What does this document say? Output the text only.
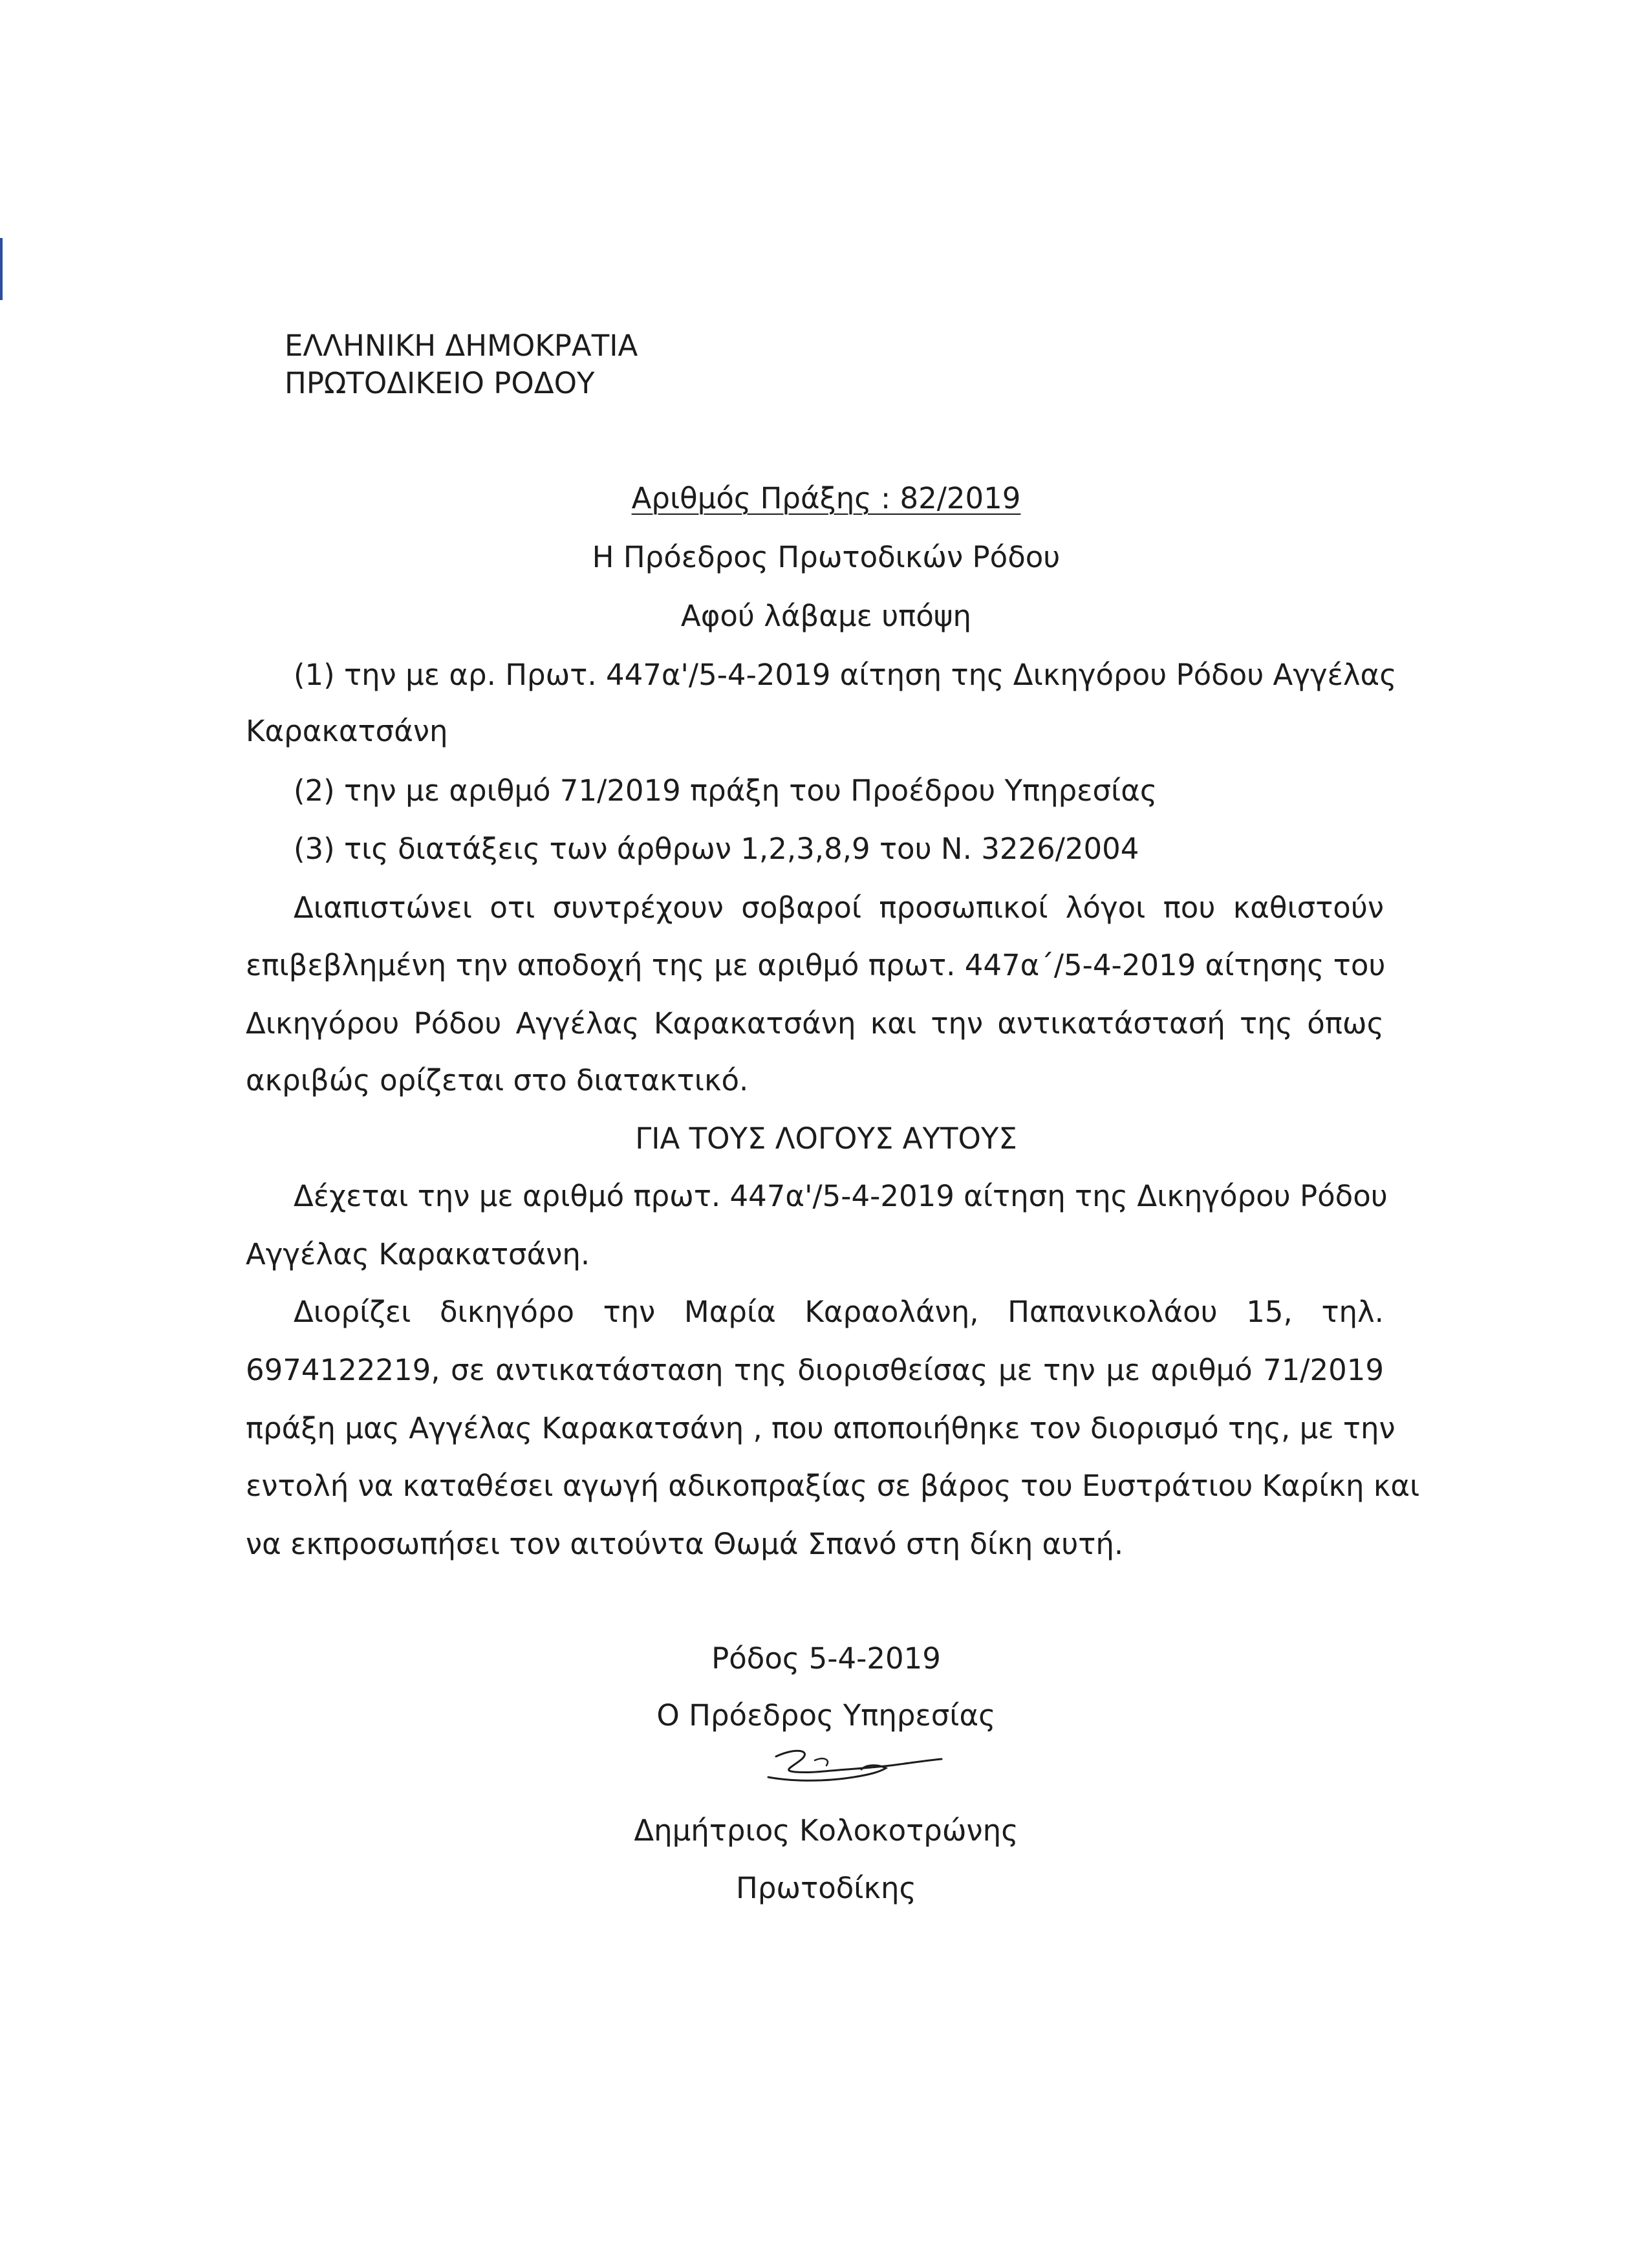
ΕΛΛΗΝΙΚΗ ΔΗΜΟΚΡΑΤΙΑ
ΠΡΩΤΟΔΙΚΕΙΟ ΡΟΔΟΥ
Αριθμός Πράξης : 82/2019
Η Πρόεδρος Πρωτοδικών Ρόδου
Αφού λάβαμε υπόψη
(1) την με αρ. Πρωτ. 447α'/5-4-2019 αίτηση της Δικηγόρου Ρόδου Αγγέλας
Καρακατσάνη
(2) την με αριθμό 71/2019 πράξη του Προέδρου Υπηρεσίας
(3) τις διατάξεις των άρθρων 1,2,3,8,9 του Ν. 3226/2004
Διαπιστώνει οτι συντρέχουν σοβαροί προσωπικοί λόγοι που καθιστούν
επιβεβλημένη την αποδοχή της με αριθμό πρωτ. 447α΄/5-4-2019 αίτησης του
Δικηγόρου Ρόδου Αγγέλας Καρακατσάνη και την αντικατάστασή της όπως
ακριβώς ορίζεται στο διατακτικό.
ΓΙΑ ΤΟΥΣ ΛΟΓΟΥΣ ΑΥΤΟΥΣ
Δέχεται την με αριθμό πρωτ. 447α'/5-4-2019 αίτηση της Δικηγόρου Ρόδου
Αγγέλας Καρακατσάνη.
Διορίζει δικηγόρο την Μαρία Καραολάνη, Παπανικολάου 15, τηλ.
6974122219, σε αντικατάσταση της διορισθείσας με την με αριθμό 71/2019
πράξη μας Αγγέλας Καρακατσάνη , που αποποιήθηκε τον διορισμό της, με την
εντολή να καταθέσει αγωγή αδικοπραξίας σε βάρος του Ευστράτιου Καρίκη και
να εκπροσωπήσει τον αιτούντα Θωμά Σπανό στη δίκη αυτή.
Ρόδος 5-4-2019
Ο Πρόεδρος Υπηρεσίας
Δημήτριος Κολοκοτρώνης
Πρωτοδίκης
